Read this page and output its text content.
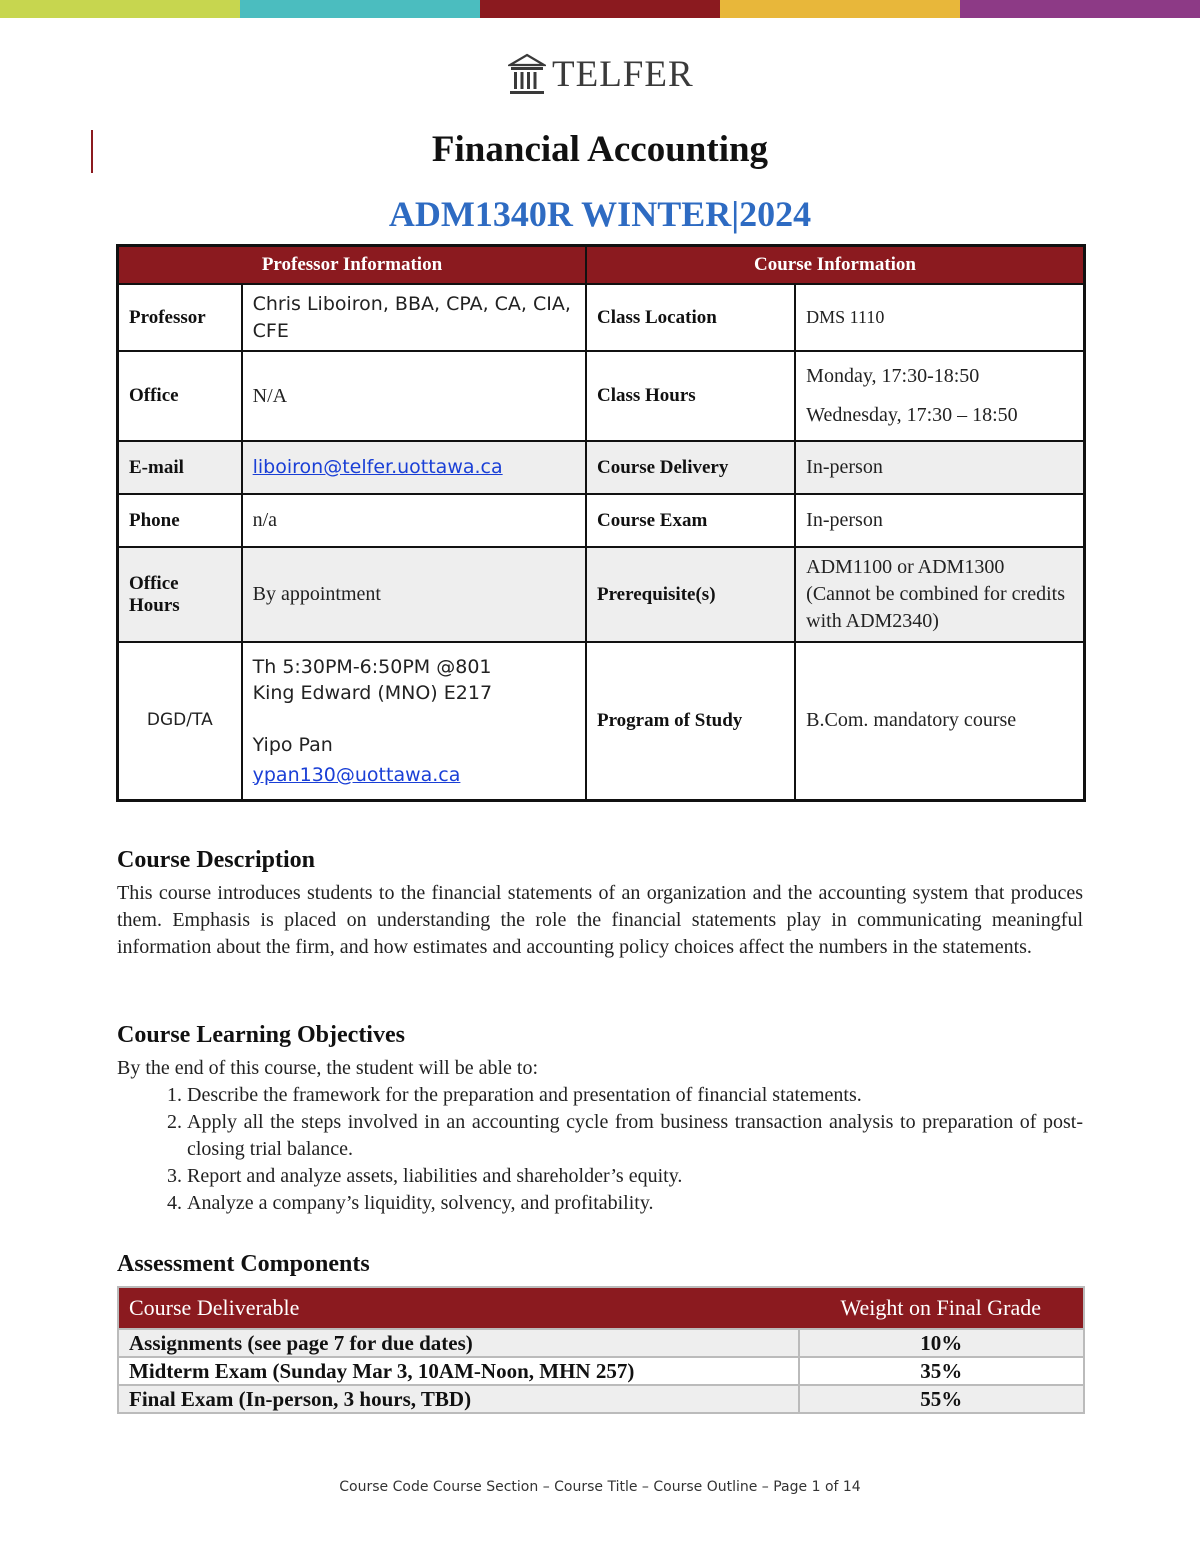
TELFER
Financial Accounting
ADM1340R WINTER|2024
Professor Information		Course Information	
Professor	Chris Liboiron, BBA, CPA, CA, CIA, CFE	Class Location	DMS 1110
Office	N/A	Class Hours	Monday, 17:30-18:50
Wednesday, 17:30 – 18:50

E-mail	liboiron@telfer.uottawa.ca	Course Delivery	In-person
Phone	n/a	Course Exam	In-person
Office Hours	By appointment	Prerequisite(s)	ADM1100 or ADM1300 (Cannot be combined for credits with ADM2340)
DGD/TA	Th 5:30PM-6:50PM @801
King Edward (MNO) E217
Yipo Pan
ypan130@uottawa.ca	Program of Study	B.Com. mandatory course
Course Description

This course introduces students to the financial statements of an organization and the accounting system that produces them. Emphasis is placed on understanding the role the financial statements play in communicating meaningful information about the firm, and how estimates and accounting policy choices affect the numbers in the statements.

Course Learning Objectives

By the end of this course, the student will be able to:

1. Describe the framework for the preparation and presentation of financial statements.
2. Apply all the steps involved in an accounting cycle from business transaction analysis to preparation of post-closing trial balance.
3. Report and analyze assets, liabilities and shareholder’s equity.
4. Analyze a company’s liquidity, solvency, and profitability.
Assessment Components
Course Deliverable	Weight on Final Grade
Assignments (see page 7 for due dates)	10%
Midterm Exam (Sunday Mar 3, 10AM-Noon, MHN 257)	35%
Final Exam (In-person, 3 hours, TBD)	55%
Course Code Course Section – Course Title – Course Outline – Page 1 of 14
